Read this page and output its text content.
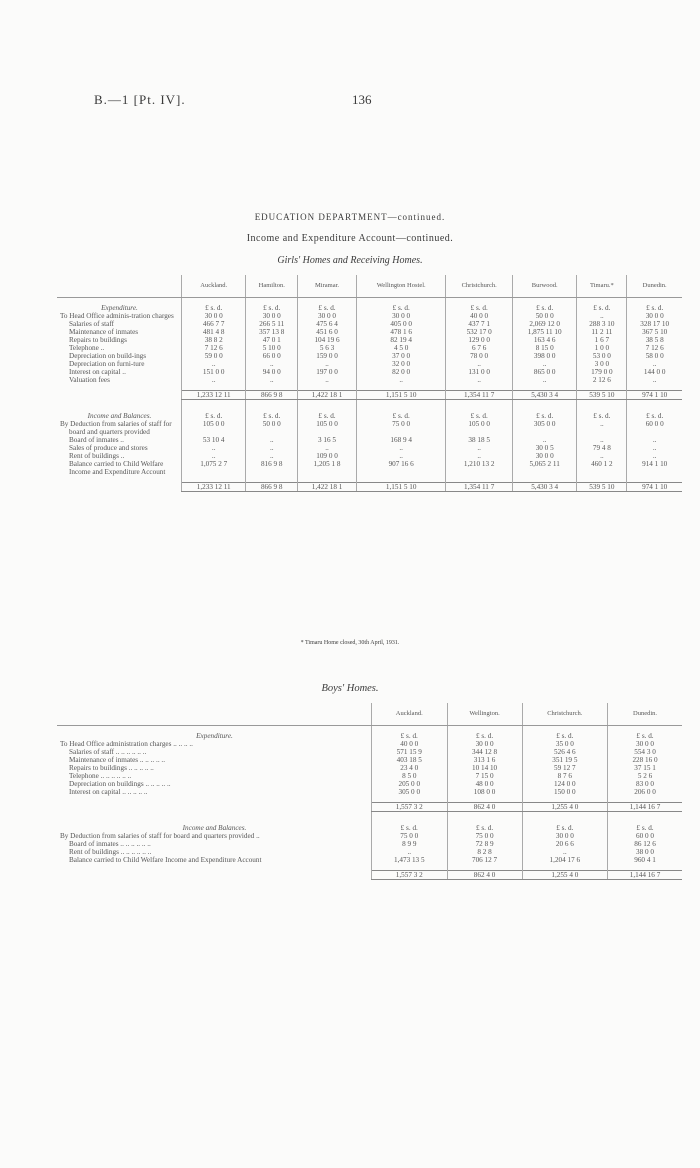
B.—1 [Pt. IV].	136
EDUCATION DEPARTMENT—continued.
Income and Expenditure Account—continued.
Girls' Homes and Receiving Homes.
	Auckland.	Hamilton.	Miramar.	Wellington Hostel.	Christchurch.	Burwood.	Timaru.*	Dunedin.

Expenditure.	£ s. d.	£ s. d.	£ s. d.	£ s. d.	£ s. d.	£ s. d.	£ s. d.	£ s. d.
To Head Office adminis-tration charges	30 0 0	30 0 0	30 0 0	30 0 0	40 0 0	50 0 0	..	30 0 0
Salaries of staff	466 7 7	266 5 11	475 6 4	405 0 0	437 7 1	2,069 12 0	288 3 10	328 17 10
Maintenance of inmates	481 4 8	357 13 8	451 6 0	478 1 6	532 17 0	1,875 11 10	11 2 11	367 5 10
Repairs to buildings	38 8 2	47 0 1	104 19 6	82 19 4	129 0 0	163 4 6	1 6 7	38 5 8
Telephone ..	7 12 6	5 10 0	5 6 3	4 5 0	6 7 6	8 15 0	1 0 0	7 12 6
Depreciation on build-ings	59 0 0	66 0 0	159 0 0	37 0 0	78 0 0	398 0 0	53 0 0	58 0 0
Depreciation on furni-ture	..	..	..	32 0 0	..	..	3 0 0	..
Interest on capital ..	151 0 0	94 0 0	197 0 0	82 0 0	131 0 0	865 0 0	179 0 0	144 0 0
Valuation fees	..	..	..	..	..	..	2 12 6	..

	1,233 12 11	866 9 8	1,422 18 1	1,151 5 10	1,354 11 7	5,430 3 4	539 5 10	974 1 10

Income and Balances.	£ s. d.	£ s. d.	£ s. d.	£ s. d.	£ s. d.	£ s. d.	£ s. d.	£ s. d.
By Deduction from salaries of staff for board and quarters provided	105 0 0	50 0 0	105 0 0	75 0 0	105 0 0	305 0 0	..	60 0 0
Board of inmates ..	53 10 4	..	3 16 5	168 9 4	38 18 5	..	..	..
Sales of produce and stores	..	..	..	..	..	30 0 5	79 4 8	..
Rent of buildings ..	..	..	109 0 0	..	..	30 0 0	..	..
Balance carried to Child Welfare Income and Expenditure Account	1,075 2 7	816 9 8	1,205 1 8	907 16 6	1,210 13 2	5,065 2 11	460 1 2	914 1 10

	1,233 12 11	866 9 8	1,422 18 1	1,151 5 10	1,354 11 7	5,430 3 4	539 5 10	974 1 10
* Timaru Home closed, 30th April, 1931.
Boys' Homes.
	Auckland.	Wellington.	Christchurch.	Dunedin.

Expenditure.	£ s. d.	£ s. d.	£ s. d.	£ s. d.
To Head Office administration charges .. .. .. ..	40 0 0	30 0 0	35 0 0	30 0 0
Salaries of staff .. .. .. .. .. ..	571 15 9	344 12 8	526 4 6	554 3 0
Maintenance of inmates .. .. .. .. ..	403 18 5	313 1 6	351 19 5	228 16 0
Repairs to buildings .. .. .. .. ..	23 4 0	10 14 10	59 12 7	37 15 1
Telephone .. .. .. .. .. ..	8 5 0	7 15 0	8 7 6	5 2 6
Depreciation on buildings .. .. .. .. ..	205 0 0	48 0 0	124 0 0	83 0 0
Interest on capital .. .. .. .. ..	305 0 0	108 0 0	150 0 0	206 0 0

	1,557 3 2	862 4 0	1,255 4 0	1,144 16 7

Income and Balances.	£ s. d.	£ s. d.	£ s. d.	£ s. d.
By Deduction from salaries of staff for board and quarters provided ..	75 0 0	75 0 0	30 0 0	60 0 0
Board of inmates .. .. .. .. .. ..	8 9 9	72 8 9	20 6 6	86 12 6
Rent of buildings .. .. .. .. .. ..	..	8 2 8	..	38 0 0
Balance carried to Child Welfare Income and Expenditure Account	1,473 13 5	706 12 7	1,204 17 6	960 4 1

	1,557 3 2	862 4 0	1,255 4 0	1,144 16 7
